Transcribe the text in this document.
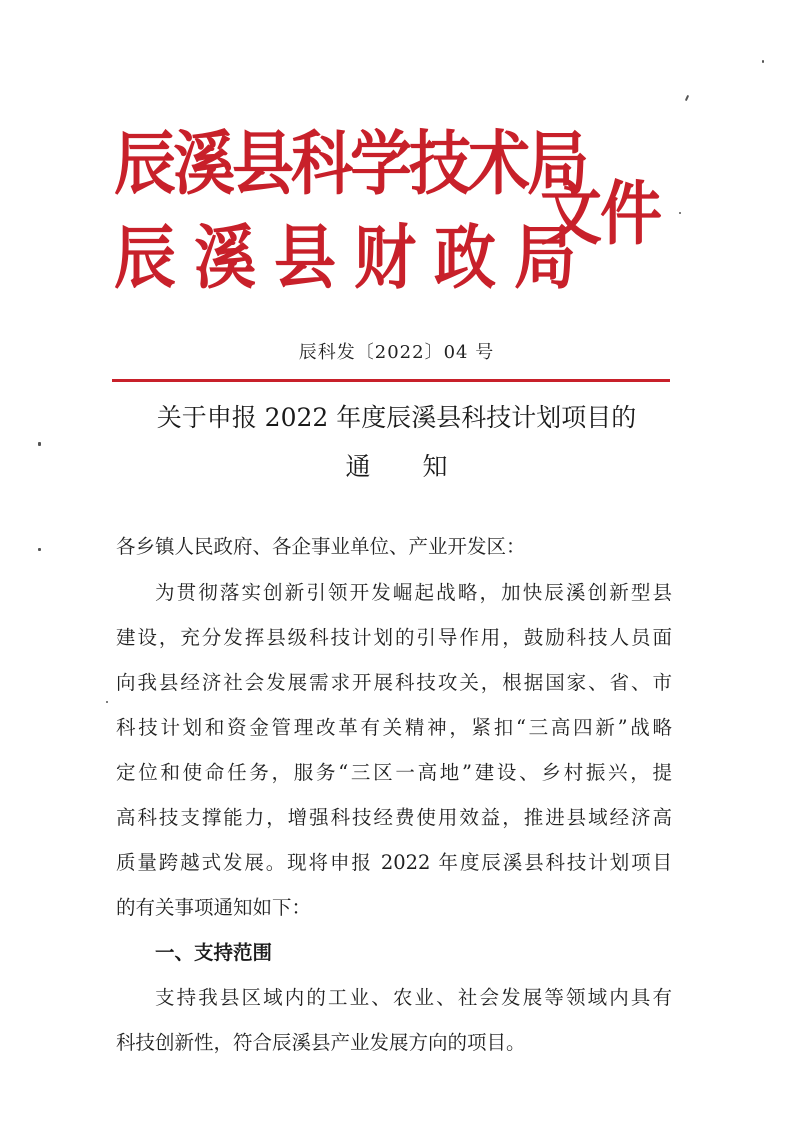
辰溪县科学技术局
辰溪县财政局
文件
辰科发〔2022〕04 号
关于申报 2022 年度辰溪县科技计划项目的
通知
各乡镇人民政府、各企事业单位、产业开发区：
为贯彻落实创新引领开发崛起战略，加快辰溪创新型县
建设，充分发挥县级科技计划的引导作用，鼓励科技人员面
向我县经济社会发展需求开展科技攻关，根据国家、省、市
科技计划和资金管理改革有关精神，紧扣“三高四新”战略
定位和使命任务，服务“三区一高地”建设、乡村振兴，提
高科技支撑能力，增强科技经费使用效益，推进县域经济高
质量跨越式发展。现将申报 2022 年度辰溪县科技计划项目
的有关事项通知如下：
一、支持范围
支持我县区域内的工业、农业、社会发展等领域内具有
科技创新性，符合辰溪县产业发展方向的项目。
